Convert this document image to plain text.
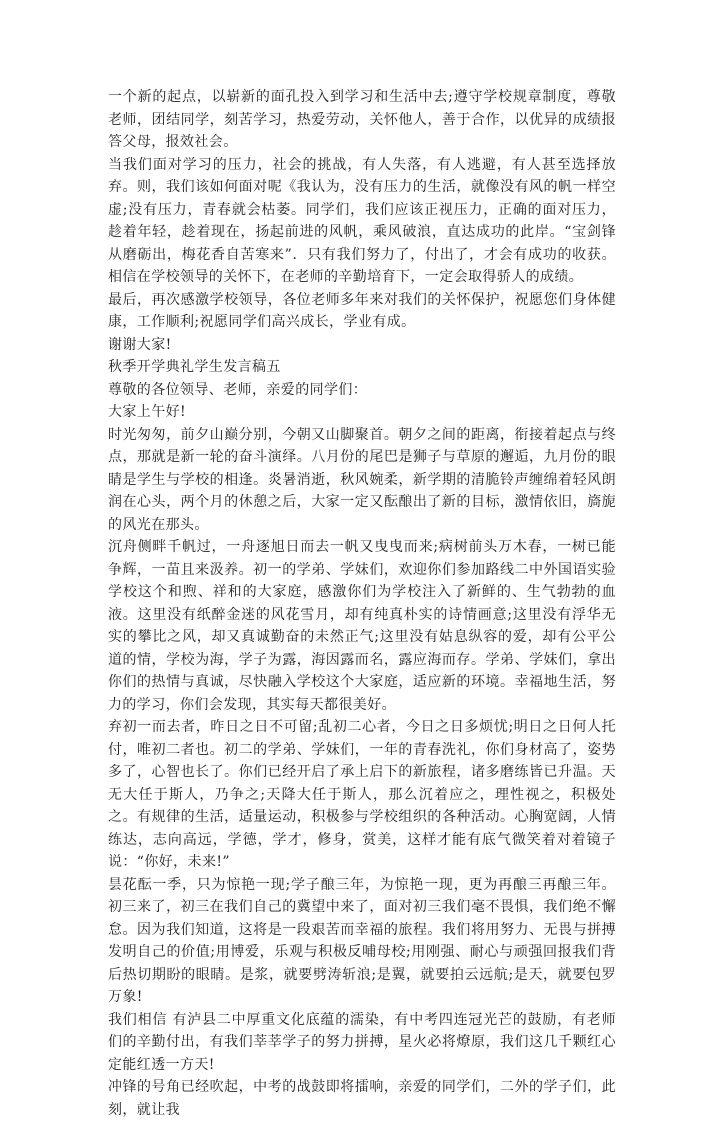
一个新的起点，以崭新的面孔投入到学习和生活中去;遵守学校规章制度，尊敬老师，团结同学，刻苦学习，热爱劳动，关怀他人，善于合作，以优异的成绩报答父母，报效社会。

当我们面对学习的压力，社会的挑战，有人失落，有人逃避，有人甚至选择放弃。则，我们该如何面对呢《我认为，没有压力的生活，就像没有风的帆一样空虚;没有压力，青春就会枯萎。同学们，我们应该正视压力，正确的面对压力，趁着年轻，趁着现在，扬起前进的风帆，乘风破浪，直达成功的此岸。“宝剑锋从磨砺出，梅花香自苦寒来”．只有我们努力了，付出了，才会有成功的收获。相信在学校领导的关怀下，在老师的辛勤培育下，一定会取得骄人的成绩。

最后，再次感激学校领导，各位老师多年来对我们的关怀保护，祝愿您们身体健康，工作顺利;祝愿同学们高兴成长，学业有成。

谢谢大家!

秋季开学典礼学生发言稿五

尊敬的各位领导、老师，亲爱的同学们：

大家上午好!

时光匆匆，前夕山巅分别，今朝又山脚聚首。朝夕之间的距离，衔接着起点与终点，那就是新一轮的奋斗演绎。八月份的尾巴是狮子与草原的邂逅，九月份的眼睛是学生与学校的相逢。炎暑消逝，秋风婉柔，新学期的清脆铃声缠绵着轻风朗润在心头，两个月的休憩之后，大家一定又酝酿出了新的目标，激情依旧，旖旎的风光在那头。

沉舟侧畔千帆过，一舟逐旭日而去一帆又曳曳而来;病树前头万木春，一树已能争辉，一苗且来汲养。初一的学弟、学妹们，欢迎你们参加路线二中外国语实验学校这个和煦、祥和的大家庭，感激你们为学校注入了新鲜的、生气勃勃的血液。这里没有纸醉金迷的风花雪月，却有纯真朴实的诗情画意;这里没有浮华无实的攀比之风，却又真诚勤奋的未然正气;这里没有姑息纵容的爱，却有公平公道的情，学校为海，学子为露，海因露而名，露应海而存。学弟、学妹们，拿出你们的热情与真诚，尽快融入学校这个大家庭，适应新的环境。幸福地生活，努力的学习，你们会发现，其实每天都很美好。

弃初一而去者，昨日之日不可留;乱初二心者，今日之日多烦忧;明日之日何人托付，唯初二者也。初二的学弟、学妹们，一年的青春洗礼，你们身材高了，姿势多了，心智也长了。你们已经开启了承上启下的新旅程，诸多磨练皆已升温。天无大任于斯人，乃争之;天降大任于斯人，那么沉着应之，理性视之，积极处之。有规律的生活，适量运动，积极参与学校组织的各种活动。心胸宽阔，人情练达，志向高远，学德，学才，修身，赏美，这样才能有底气微笑着对着镜子说：“你好，未来!”

昙花酝一季，只为惊艳一现;学子酿三年，为惊艳一现，更为再酿三再酿三年。初三来了，初三在我们自己的冀望中来了，面对初三我们毫不畏惧，我们绝不懈怠。因为我们知道，这将是一段艰苦而幸福的旅程。我们将用努力、无畏与拼搏发明自己的价值;用博爱，乐观与积极反哺母校;用刚强、耐心与顽强回报我们背后热切期盼的眼睛。是浆，就要劈涛斩浪;是翼，就要拍云远航;是天，就要包罗万象!

我们相信 有泸县二中厚重文化底蕴的濡染，有中考四连冠光芒的鼓励，有老师们的辛勤付出，有我们莘莘学子的努力拼搏，星火必将燎原，我们这几千颗红心定能红透一方天!

冲锋的号角已经吹起，中考的战鼓即将擂响，亲爱的同学们，二外的学子们，此刻，就让我
